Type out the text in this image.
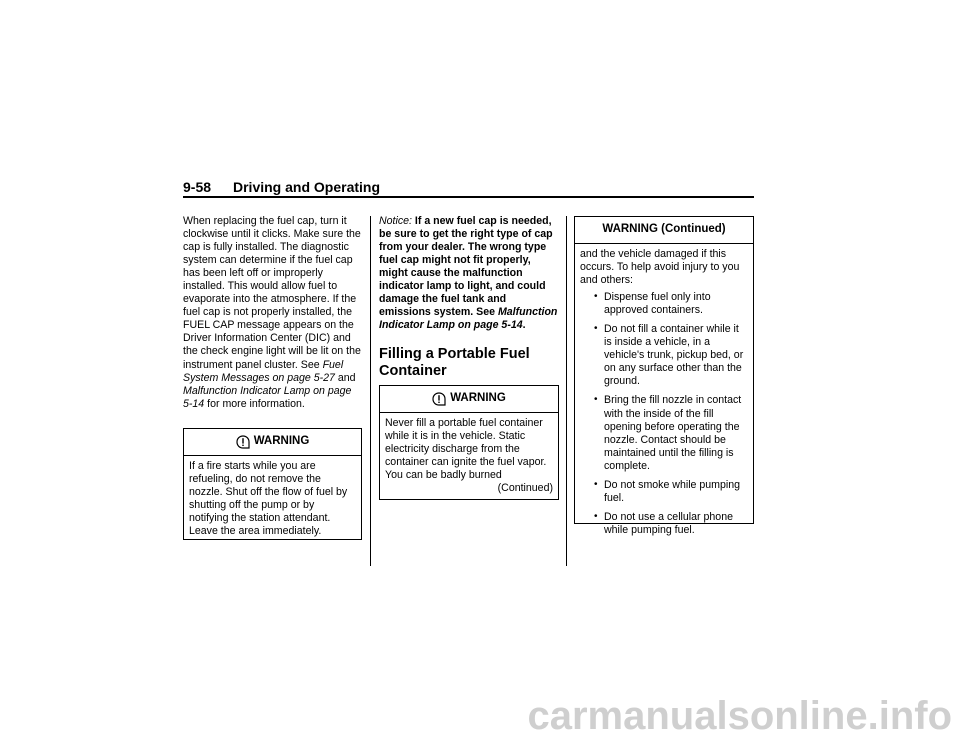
9-58 Driving and Operating

When replacing the fuel cap, turn it clockwise until it clicks. Make sure the cap is fully installed. The diagnostic system can determine if the fuel cap has been left off or improperly installed. This would allow fuel to evaporate into the atmosphere. If the fuel cap is not properly installed, the FUEL CAP message appears on the Driver Information Center (DIC) and the check engine light will be lit on the instrument panel cluster. See Fuel System Messages on page 5-27 and Malfunction Indicator Lamp on page 5-14 for more information.

WARNING

If a fire starts while you are refueling, do not remove the nozzle. Shut off the flow of fuel by shutting off the pump or by notifying the station attendant. Leave the area immediately.

Notice: If a new fuel cap is needed, be sure to get the right type of cap from your dealer. The wrong type fuel cap might not fit properly, might cause the malfunction indicator lamp to light, and could damage the fuel tank and emissions system. See Malfunction Indicator Lamp on page 5-14.

Filling a Portable Fuel Container
WARNING

Never fill a portable fuel container while it is in the vehicle. Static electricity discharge from the container can ignite the fuel vapor. You can be badly burned

(Continued)

WARNING (Continued)

and the vehicle damaged if this occurs. To help avoid injury to you and others:

• Dispense fuel only into approved containers.
• Do not fill a container while it is inside a vehicle, in a vehicle's trunk, pickup bed, or on any surface other than the ground.
• Bring the fill nozzle in contact with the inside of the fill opening before operating the nozzle. Contact should be maintained until the filling is complete.
• Do not smoke while pumping fuel.
• Do not use a cellular phone while pumping fuel.
carmanualsonline.info
